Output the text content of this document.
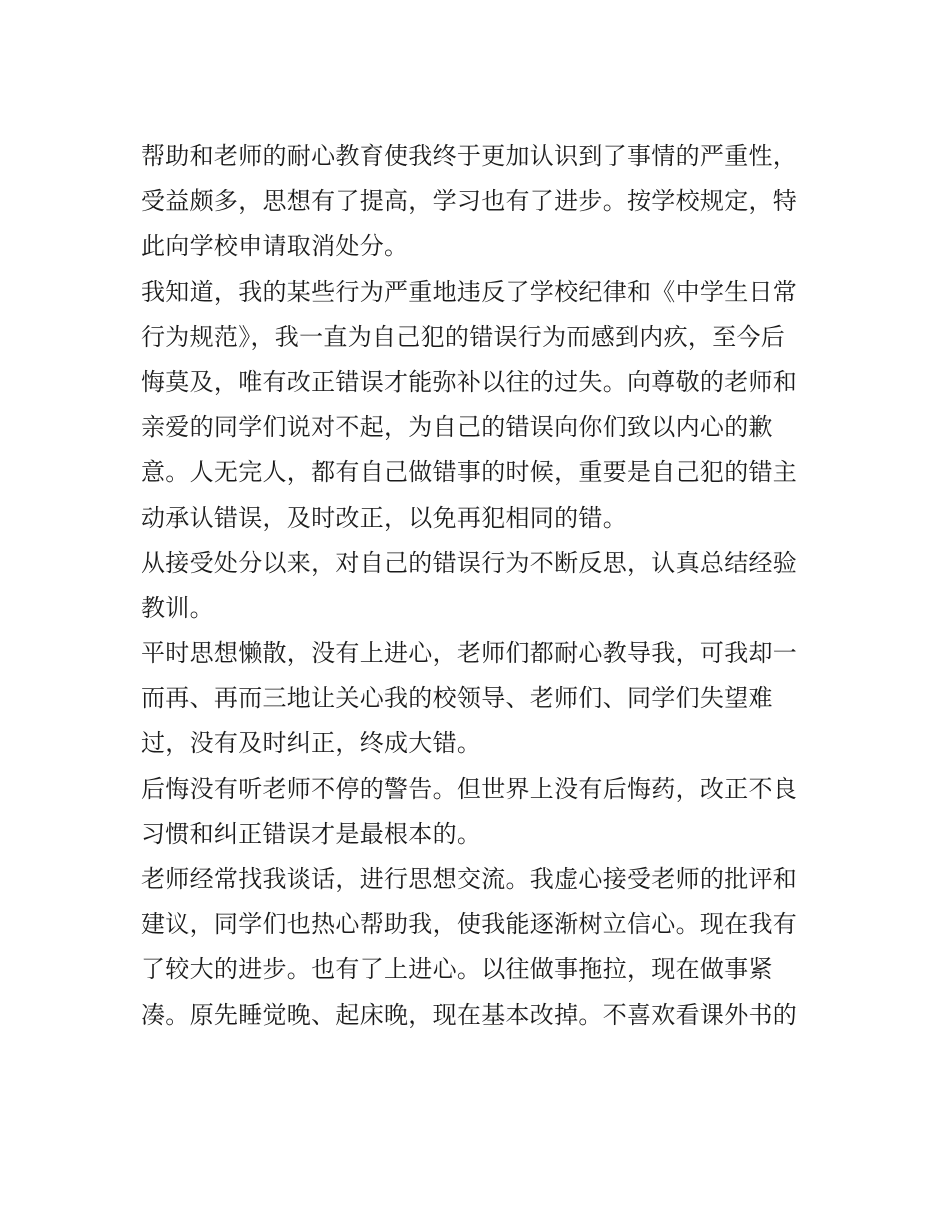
帮助和老师的耐心教育使我终于更加认识到了事情的严重性，
受益颇多，思想有了提高，学习也有了进步。按学校规定，特
此向学校申请取消处分。
我知道，我的某些行为严重地违反了学校纪律和《中学生日常
行为规范》，我一直为自己犯的错误行为而感到内疚，至今后
悔莫及，唯有改正错误才能弥补以往的过失。向尊敬的老师和
亲爱的同学们说对不起，为自己的错误向你们致以内心的歉
意。人无完人，都有自己做错事的时候，重要是自己犯的错主
动承认错误，及时改正，以免再犯相同的错。
从接受处分以来，对自己的错误行为不断反思，认真总结经验
教训。
平时思想懒散，没有上进心，老师们都耐心教导我，可我却一
而再、再而三地让关心我的校领导、老师们、同学们失望难
过，没有及时纠正，终成大错。
后悔没有听老师不停的警告。但世界上没有后悔药，改正不良
习惯和纠正错误才是最根本的。
老师经常找我谈话，进行思想交流。我虚心接受老师的批评和
建议，同学们也热心帮助我，使我能逐渐树立信心。现在我有
了较大的进步。也有了上进心。以往做事拖拉，现在做事紧
凑。原先睡觉晚、起床晚，现在基本改掉。不喜欢看课外书的
